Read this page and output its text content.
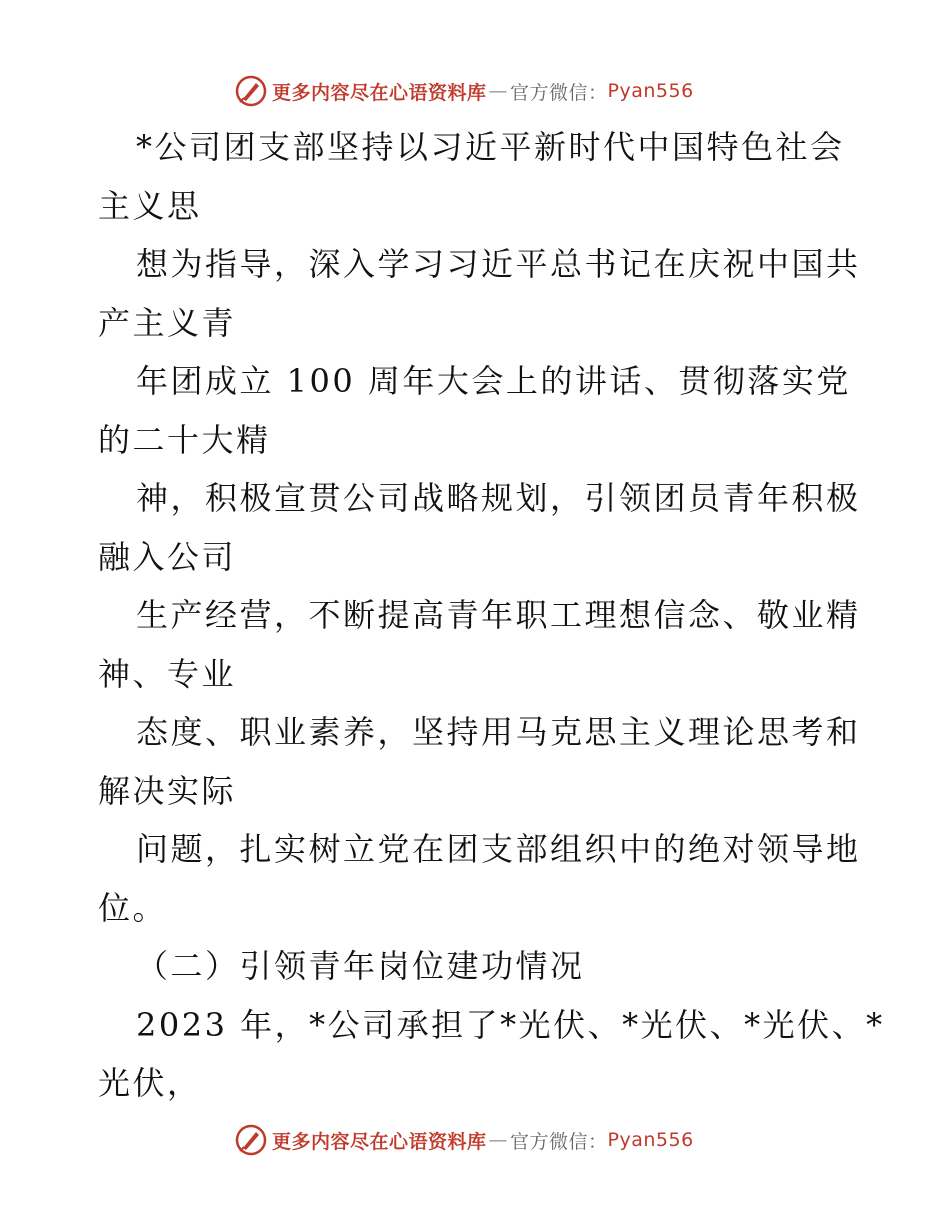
更多内容尽在心语资料库 — 官方微信： Pyan556
*公司团支部坚持以习近平新时代中国特色社会
主义思
想为指导，深入学习习近平总书记在庆祝中国共
产主义青
年团成立 100 周年大会上的讲话、贯彻落实党
的二十大精
神，积极宣贯公司战略规划，引领团员青年积极
融入公司
生产经营，不断提高青年职工理想信念、敬业精
神、专业
态度、职业素养，坚持用马克思主义理论思考和
解决实际
问题，扎实树立党在团支部组织中的绝对领导地
位。
（二）引领青年岗位建功情况
2023 年，*公司承担了*光伏、*光伏、*光伏、*
光伏，
更多内容尽在心语资料库 — 官方微信： Pyan556
